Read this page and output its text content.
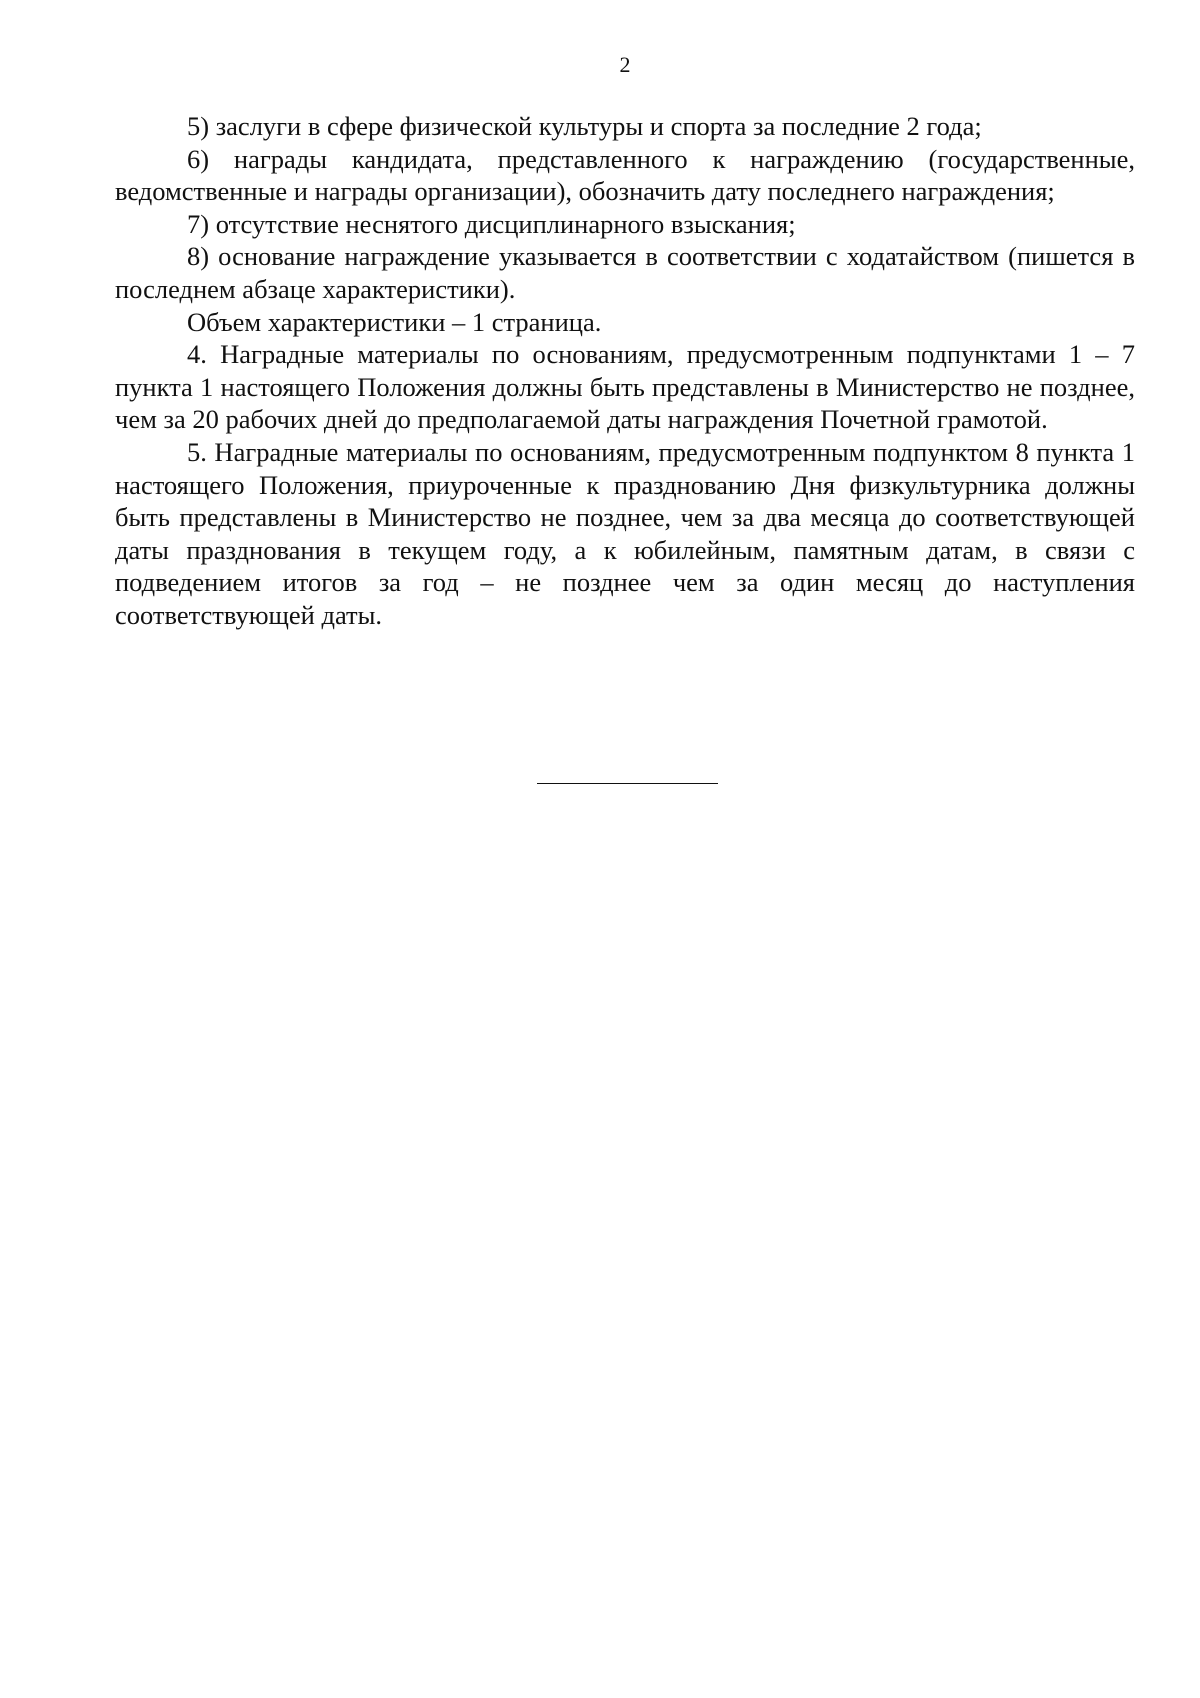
2

5) заслуги в сфере физической культуры и спорта за последние 2 года;

6) награды кандидата, представленного к награждению (государственные, ведомственные и награды организации), обозначить дату последнего награждения;

7) отсутствие неснятого дисциплинарного взыскания;

8) основание награждение указывается в соответствии с ходатайством (пишется в последнем абзаце характеристики).

Объем характеристики – 1 страница.

4. Наградные материалы по основаниям, предусмотренным подпунктами 1 – 7 пункта 1 настоящего Положения должны быть представлены в Министерство не позднее, чем за 20 рабочих дней до предполагаемой даты награждения Почетной грамотой.

5. Наградные материалы по основаниям, предусмотренным подпунктом 8 пункта 1 настоящего Положения, приуроченные к празднованию Дня физкультурника должны быть представлены в Министерство не позднее, чем за два месяца до соответствующей даты празднования в текущем году, а к юбилейным, памятным датам, в связи с подведением итогов за год – не позднее чем за один месяц до наступления соответствующей даты.
